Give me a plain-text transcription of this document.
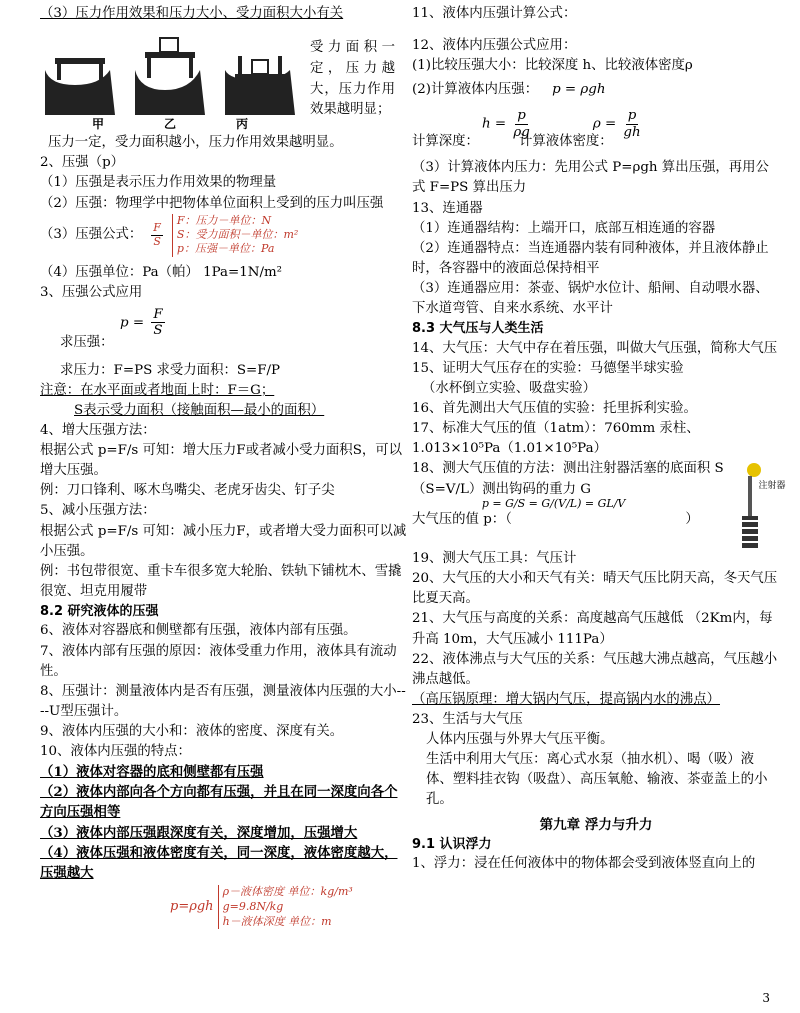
（3）压力作用效果和压力大小、受力面积大小有关
受力面积一定，压力越大，压力作用效果越明显；
甲	乙	丙
压力一定，受力面积越小，压力作用效果越明显。
2、压强（p）
（1）压强是表示压力作用效果的物理量
（2）压强：物理学中把物体单位面积上受到的压力叫压强
（3）压强公式： $\frac{F}{S}$
F：压力－单位：N
S：受力面积－单位：m²
p：压强－单位：Pa
（4）压强单位：Pa（帕） 1Pa=1N/m²
3、压强公式应用
$p = \frac{F}{S}$
求压强：
求压力：F=PS 求受力面积：S=F/P
注意：在水平面或者地面上时：F＝G；
S表示受力面积（接触面积—最小的面积）
4、增大压强方法：
根据公式 p=F/s 可知：增大压力F或者减小受力面积S，可以增大压强。
例：刀口锋利、啄木鸟嘴尖、老虎牙齿尖、钉子尖
5、减小压强方法：
根据公式 p=F/s 可知：减小压力F，或者增大受力面积可以减小压强。
例：书包带很宽、重卡车很多宽大轮胎、铁轨下铺枕木、雪撬很宽、坦克用履带
8.2 研究液体的压强
6、液体对容器底和侧壁都有压强，液体内部有压强。
7、液体内部有压强的原因：液体受重力作用，液体具有流动性。
8、压强计：测量液体内是否有压强，测量液体内压强的大小----U型压强计。
9、液体内压强的大小和：液体的密度、深度有关。
10、液体内压强的特点：
（1）液体对容器的底和侧壁都有压强
（2）液体内部向各个方向都有压强，并且在同一深度向各个方向压强相等
（3）液体内部压强跟深度有关，深度增加，压强增大
（4）液体压强和液体密度有关，同一深度，液体密度越大，压强越大
p=ρgh
ρ－液体密度 单位：kg/m³
g=9.8N/kg
h－液体深度 单位：m
11、液体内压强计算公式：
12、液体内压强公式应用：
(1)比较压强大小：比较深度 h、比较液体密度ρ
(2)计算液体内压强： p = ρgh
$h = \frac{p}{\rho g}$	$\rho = \frac{p}{gh}$
计算深度：	计算液体密度：
（3）计算液体内压力：先用公式 P=ρgh 算出压强，再用公式 F=PS 算出压力
13、连通器
（1）连通器结构：上端开口，底部互相连通的容器
（2）连通器特点：当连通器内装有同种液体，并且液体静止时，各容器中的液面总保持相平
（3）连通器应用：茶壶、锅炉水位计、船闸、自动喂水器、下水道弯管、自来水系统、水平计
8.3 大气压与人类生活
14、大气压：大气中存在着压强，叫做大气压强，简称大气压
15、证明大气压存在的实验：马德堡半球实验
（水杯倒立实验、吸盘实验）
16、首先测出大气压值的实验：托里拆利实验。
17、标准大气压的值（1atm）：760mm 汞柱、1.013×10⁵Pa（1.01×10⁵Pa）
18、测大气压值的方法：测出注射器活塞的底面积 S（S=V/L）测出钩码的重力 G
大气压的值 p：（
p = G/S = G/(V/L) = GL/V
）
注射器
19、测大气压工具：气压计
20、大气压的大小和天气有关：晴天气压比阴天高，冬天气压比夏天高。
21、大气压与高度的关系：高度越高气压越低 （2Km内，每升高 10m，大气压减小 111Pa）
22、液体沸点与大气压的关系：气压越大沸点越高，气压越小沸点越低。
（高压锅原理：增大锅内气压，提高锅内水的沸点）
23、生活与大气压
人体内压强与外界大气压平衡。
生活中利用大气压：离心式水泵（抽水机）、喝（吸）液体、塑料挂衣钩（吸盘）、高压氧舱、输液、茶壶盖上的小孔。
第九章 浮力与升力
9.1 认识浮力
1、浮力：浸在任何液体中的物体都会受到液体竖直向上的
3
